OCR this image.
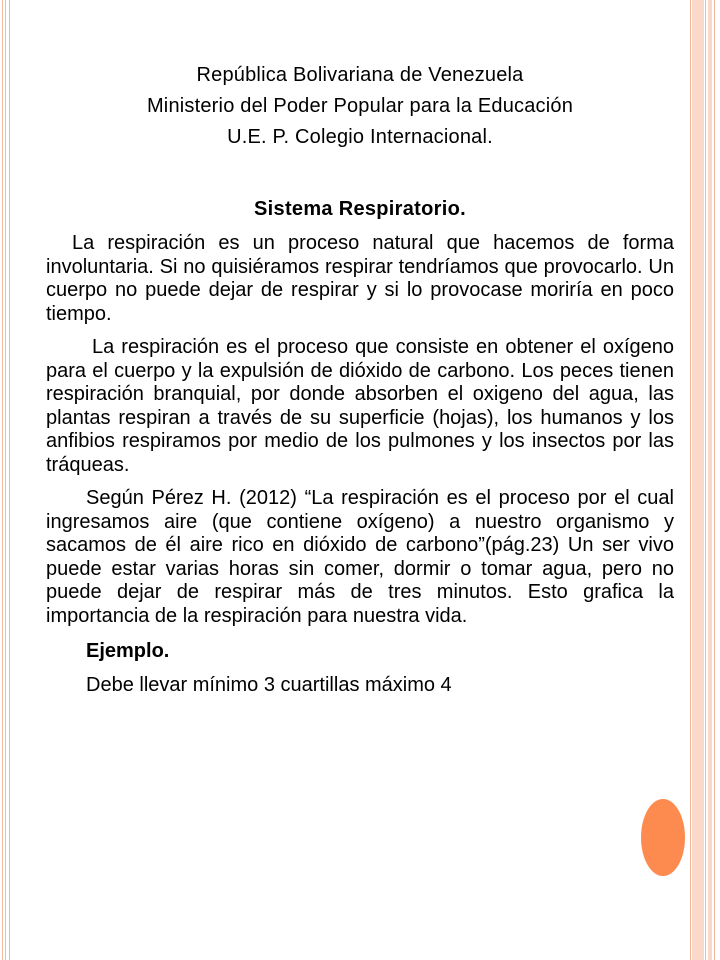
República Bolivariana de Venezuela
Ministerio del Poder Popular para la Educación
U.E. P. Colegio Internacional.
Sistema Respiratorio.

La respiración es un proceso natural que hacemos de forma involuntaria. Si no quisiéramos respirar tendríamos que provocarlo. Un cuerpo no puede dejar de respirar y si lo provocase moriría en poco tiempo.

La respiración es el proceso que consiste en obtener el oxígeno para el cuerpo y la expulsión de dióxido de carbono. Los peces tienen respiración branquial, por donde absorben el oxigeno del agua, las plantas respiran a través de su superficie (hojas), los humanos y los anfibios respiramos por medio de los pulmones y los insectos por las tráqueas.

Según Pérez H. (2012) “La respiración es el proceso por el cual ingresamos aire (que contiene oxígeno) a nuestro organismo y sacamos de él aire rico en dióxido de carbono”(pág.23) Un ser vivo puede estar varias horas sin comer, dormir o tomar agua, pero no puede dejar de respirar más de tres minutos. Esto grafica la importancia de la respiración para nuestra vida.

Ejemplo.
Debe llevar mínimo 3 cuartillas máximo 4
